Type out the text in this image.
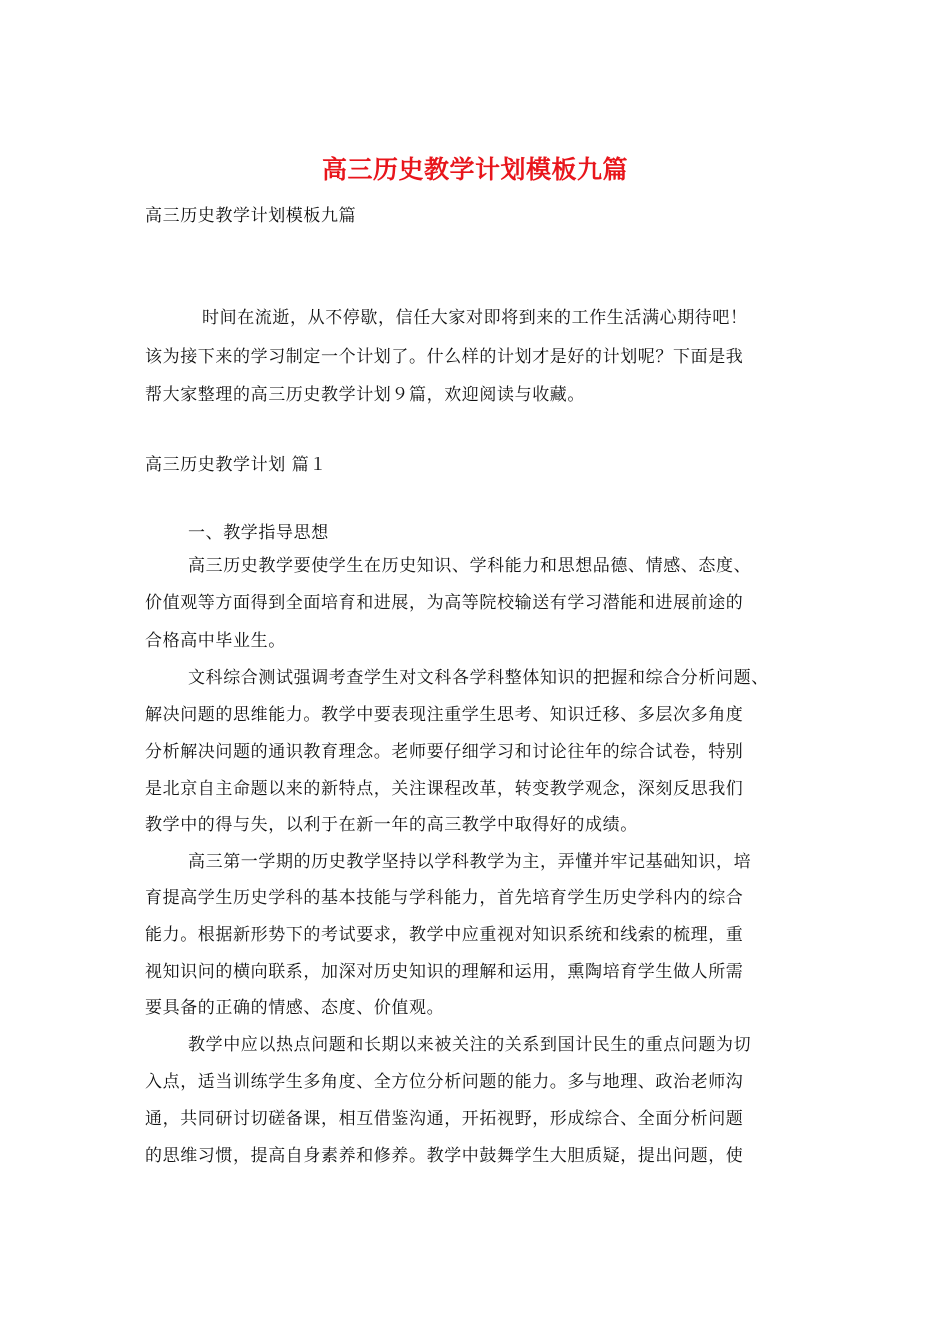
高三历史教学计划模板九篇
高三历史教学计划模板九篇
时间在流逝，从不停歇，信任大家对即将到来的工作生活满心期待吧！
该为接下来的学习制定一个计划了。什么样的计划才是好的计划呢？下面是我
帮大家整理的高三历史教学计划９篇，欢迎阅读与收藏。
高三历史教学计划 篇１
一、教学指导思想
高三历史教学要使学生在历史知识、学科能力和思想品德、情感、态度、
价值观等方面得到全面培育和进展，为高等院校输送有学习潜能和进展前途的
合格高中毕业生。
文科综合测试强调考查学生对文科各学科整体知识的把握和综合分析问题、
解决问题的思维能力。教学中要表现注重学生思考、知识迁移、多层次多角度
分析解决问题的通识教育理念。老师要仔细学习和讨论往年的综合试卷，特别
是北京自主命题以来的新特点，关注课程改革，转变教学观念，深刻反思我们
教学中的得与失，以利于在新一年的高三教学中取得好的成绩。
高三第一学期的历史教学坚持以学科教学为主，弄懂并牢记基础知识，培
育提高学生历史学科的基本技能与学科能力，首先培育学生历史学科内的综合
能力。根据新形势下的考试要求，教学中应重视对知识系统和线索的梳理，重
视知识问的横向联系，加深对历史知识的理解和运用，熏陶培育学生做人所需
要具备的正确的情感、态度、价值观。
教学中应以热点问题和长期以来被关注的关系到国计民生的重点问题为切
入点，适当训练学生多角度、全方位分析问题的能力。多与地理、政治老师沟
通，共同研讨切磋备课，相互借鉴沟通，开拓视野，形成综合、全面分析问题
的思维习惯，提高自身素养和修养。教学中鼓舞学生大胆质疑，提出问题，使
